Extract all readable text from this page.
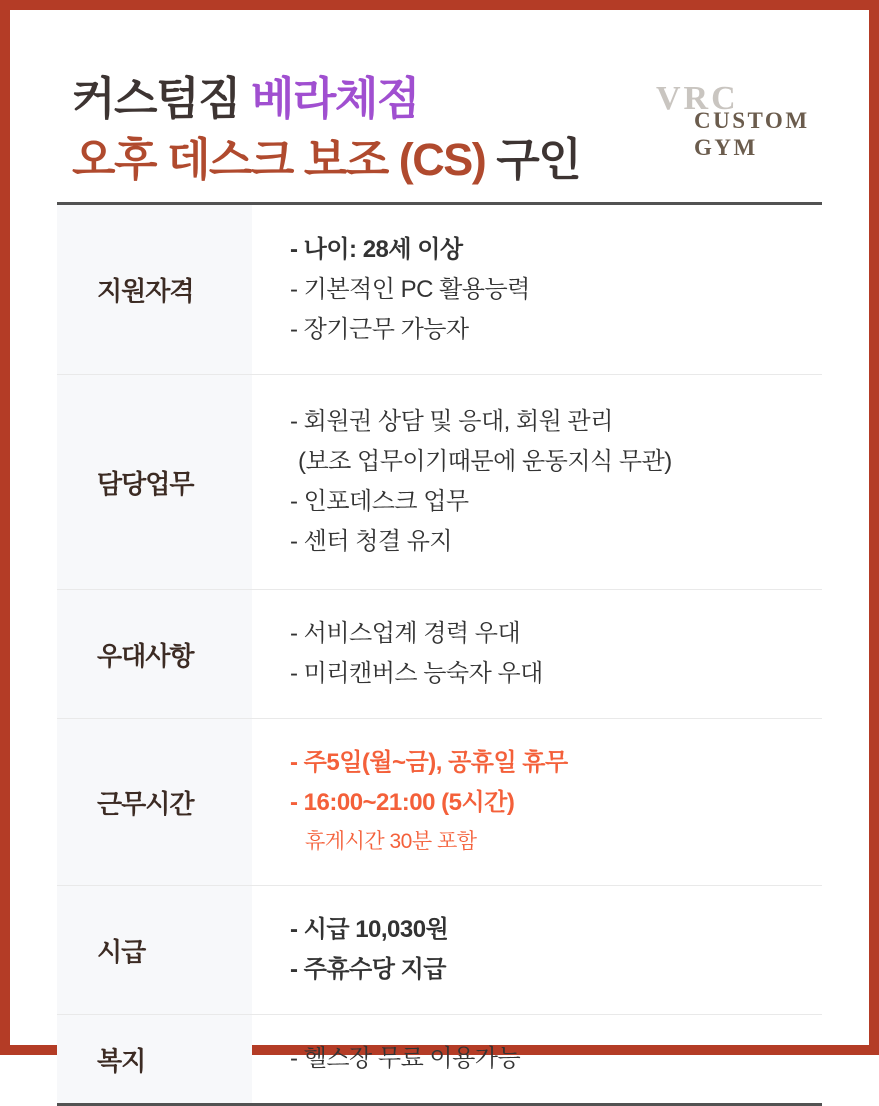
커스텀짐 베라체점
오후 데스크 보조 (CS) 구인
VRC
CUSTOM
GYM
지원자격
- 나이: 28세 이상
- 기본적인 PC 활용능력
- 장기근무 가능자
담당업무
- 회원권 상담 및 응대, 회원 관리
(보조 업무이기때문에 운동지식 무관)
- 인포데스크 업무
- 센터 청결 유지
우대사항
- 서비스업계 경력 우대
- 미리캔버스 능숙자 우대
근무시간
- 주5일(월~금), 공휴일 휴무
- 16:00~21:00 (5시간)
휴게시간 30분 포함
시급
- 시급 10,030원
- 주휴수당 지급
복지	- 헬스장 무료 이용가능
